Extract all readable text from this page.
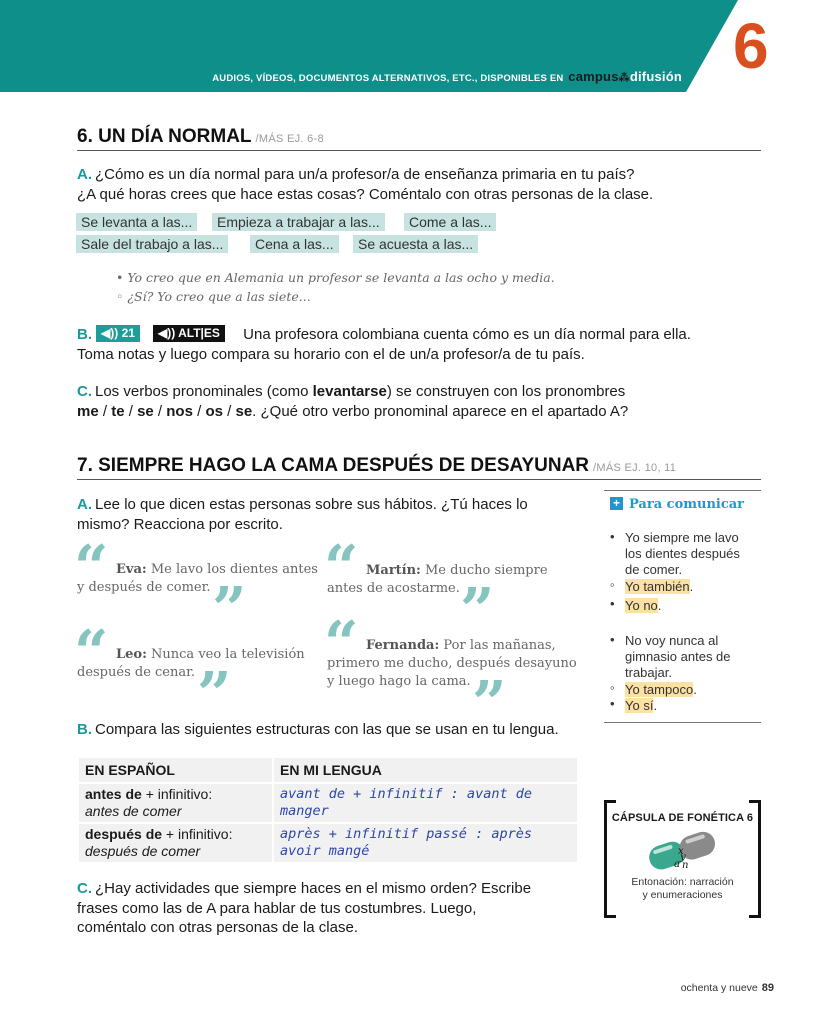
AUDIOS, VÍDEOS, DOCUMENTOS ALTERNATIVOS, ETC., DISPONIBLES EN campus⁂difusión 6
6. UN DÍA NORMAL /MÁS EJ. 6-8
A. ¿Cómo es un día normal para un/a profesor/a de enseñanza primaria en tu país?
¿A qué horas crees que hace estas cosas? Coméntalo con otras personas de la clase.
Se levanta a las...	Empieza a trabajar a las...	Come a las...
Sale del trabajo a las...	Cena a las...	Se acuesta a las...
• Yo creo que en Alemania un profesor se levanta a las ocho y media.
◦ ¿Sí? Yo creo que a las siete...
B.	Una profesora colombiana cuenta cómo es un día normal para ella.
Toma notas y luego compara su horario con el de un/a profesor/a de tu país.
◀)) 21	◀)) ALT|ES
C. Los verbos pronominales (como levantarse) se construyen con los pronombres
me / te / se / nos / os / se. ¿Qué otro verbo pronominal aparece en el apartado A?
7. SIEMPRE HAGO LA CAMA DESPUÉS DE DESAYUNAR /MÁS EJ. 10, 11
A. Lee lo que dicen estas personas sobre sus hábitos. ¿Tú haces lo
mismo? Reacciona por escrito.
“ Eva: Me lavo los dientes antes
y después de comer. ”
“ Martín: Me ducho siempre
antes de acostarme. ”
“ Leo: Nunca veo la televisión
después de cenar. ”
“ Fernanda: Por las mañanas,
primero me ducho, después desayuno
y luego hago la cama. ”
B. Compara las siguientes estructuras con las que se usan en tu lengua.
EN ESPAÑOL	EN MI LENGUA
antes de + infinitivo:
antes de comer	avant de + infinitif : avant de manger
después de + infinitivo:
después de comer	après + infinitif passé : après avoir mangé
C. ¿Hay actividades que siempre haces en el mismo orden? Escribe
frases como las de A para hablar de tus costumbres. Luego,
coméntalo con otras personas de la clase.
+ Para comunicar
• Yo siempre me lavo
los dientes después
de comer.
◦ Yo también.
• Yo no.
• No voy nunca al
gimnasio antes de
trabajar.
◦ Yo tampoco.
• Yo sí.
CÁPSULA DE FONÉTICA 6
x
y
a n
Entonación: narración
y enumeraciones
ochenta y nueve 89
